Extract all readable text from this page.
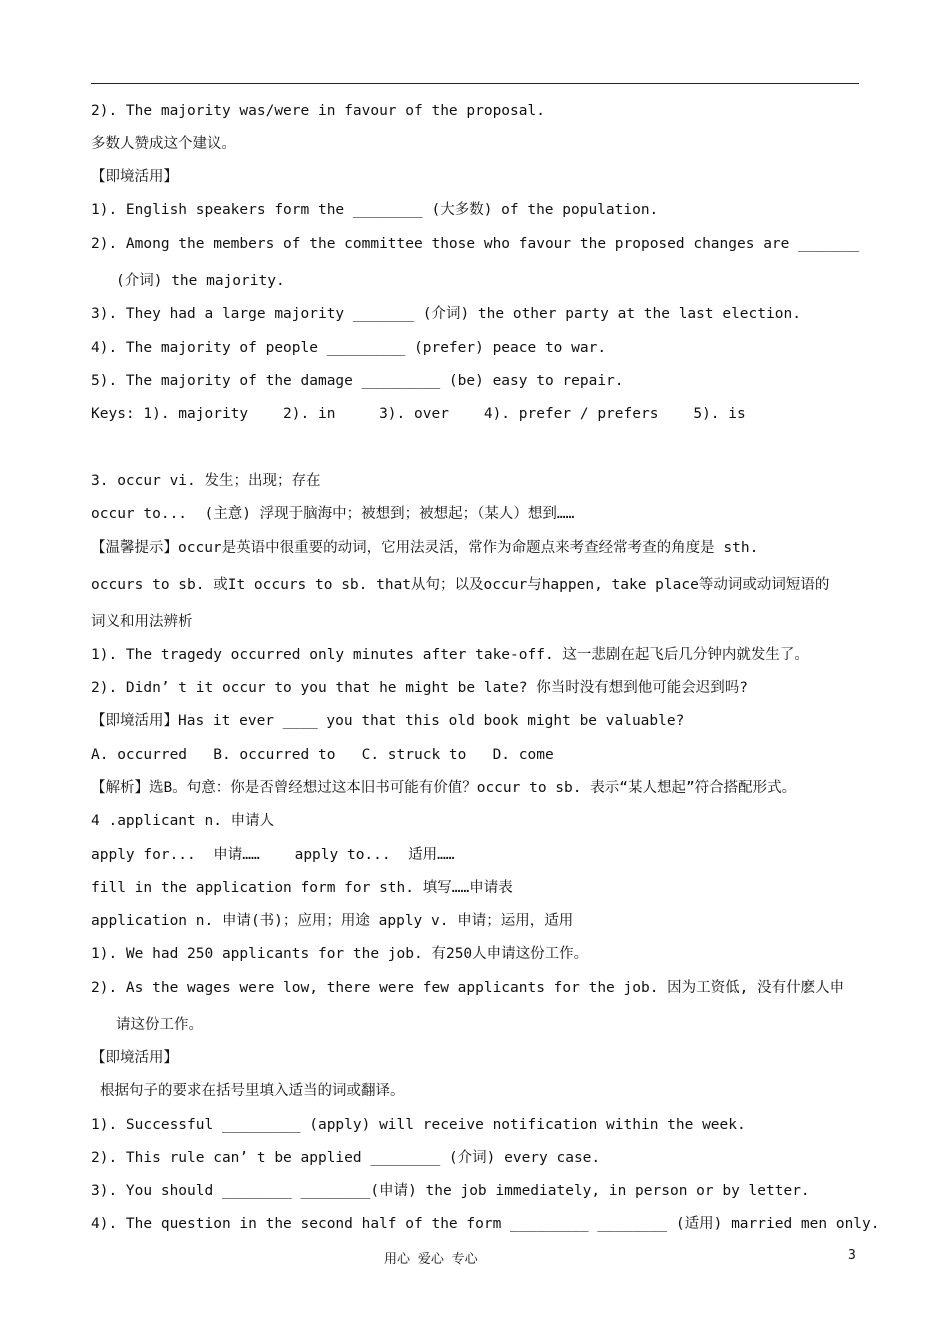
2). The majority was/were in favour of the proposal.
多数人赞成这个建议。
【即境活用】
1). English speakers form the ________ (大多数) of the population.
2). Among the members of the committee those who favour the proposed changes are _______
(介词) the majority.
3). They had a large majority _______ (介词) the other party at the last election.
4). The majority of people _________ (prefer) peace to war.
5). The majority of the damage _________ (be) easy to repair.
Keys: 1). majority    2). in     3). over    4). prefer / prefers    5). is
3. occur vi. 发生；出现；存在
occur to...  (主意) 浮现于脑海中；被想到；被想起；（某人）想到……
【温馨提示】occur是英语中很重要的动词，它用法灵活，常作为命题点来考查经常考查的角度是 sth.
occurs to sb. 或It occurs to sb. that从句；以及occur与happen, take place等动词或动词短语的
词义和用法辨析
1). The tragedy occurred only minutes after take-off. 这一悲剧在起飞后几分钟内就发生了。
2). Didn’ t it occur to you that he might be late? 你当时没有想到他可能会迟到吗?
【即境活用】Has it ever ____ you that this old book might be valuable?
A. occurred   B. occurred to   C. struck to   D. come
【解析】选B。句意：你是否曾经想过这本旧书可能有价值？occur to sb. 表示“某人想起”符合搭配形式。
4 .applicant n. 申请人
apply for...  申请……    apply to...  适用……
fill in the application form for sth. 填写……申请表
application n. 申请(书)；应用；用途 apply v. 申请；运用，适用
1). We had 250 applicants for the job. 有250人申请这份工作。
2). As the wages were low, there were few applicants for the job. 因为工资低, 没有什麽人申
请这份工作。
【即境活用】
根据句子的要求在括号里填入适当的词或翻译。
1). Successful _________ (apply) will receive notification within the week.
2). This rule can’ t be applied ________ (介词) every case.
3). You should ________ ________(申请) the job immediately, in person or by letter.
4). The question in the second half of the form _________ ________ (适用) married men only.
用心 爱心 专心	3
